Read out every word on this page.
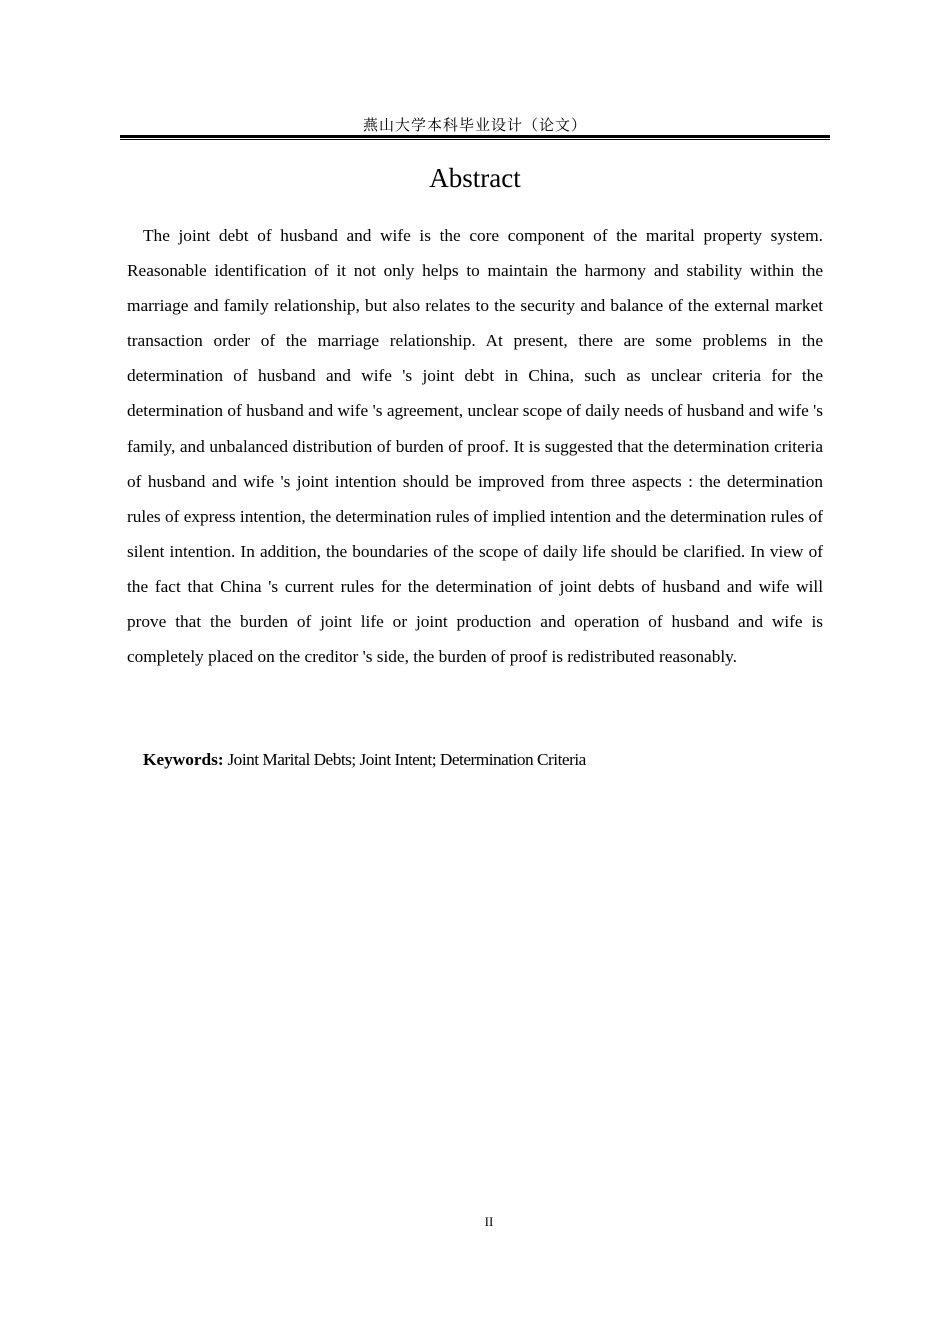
燕山大学本科毕业设计（论文）
Abstract

The joint debt of husband and wife is the core component of the marital property system. Reasonable identification of it not only helps to maintain the harmony and stability within the marriage and family relationship, but also relates to the security and balance of the external market transaction order of the marriage relationship. At present, there are some problems in the determination of husband and wife 's joint debt in China, such as unclear criteria for the determination of husband and wife 's agreement, unclear scope of daily needs of husband and wife 's family, and unbalanced distribution of burden of proof. It is suggested that the determination criteria of husband and wife 's joint intention should be improved from three aspects : the determination rules of express intention, the determination rules of implied intention and the determination rules of silent intention. In addition, the boundaries of the scope of daily life should be clarified. In view of the fact that China 's current rules for the determination of joint debts of husband and wife will prove that the burden of joint life or joint production and operation of husband and wife is completely placed on the creditor 's side, the burden of proof is redistributed reasonably.

Keywords: Joint Marital Debts; Joint Intent; Determination Criteria

II
